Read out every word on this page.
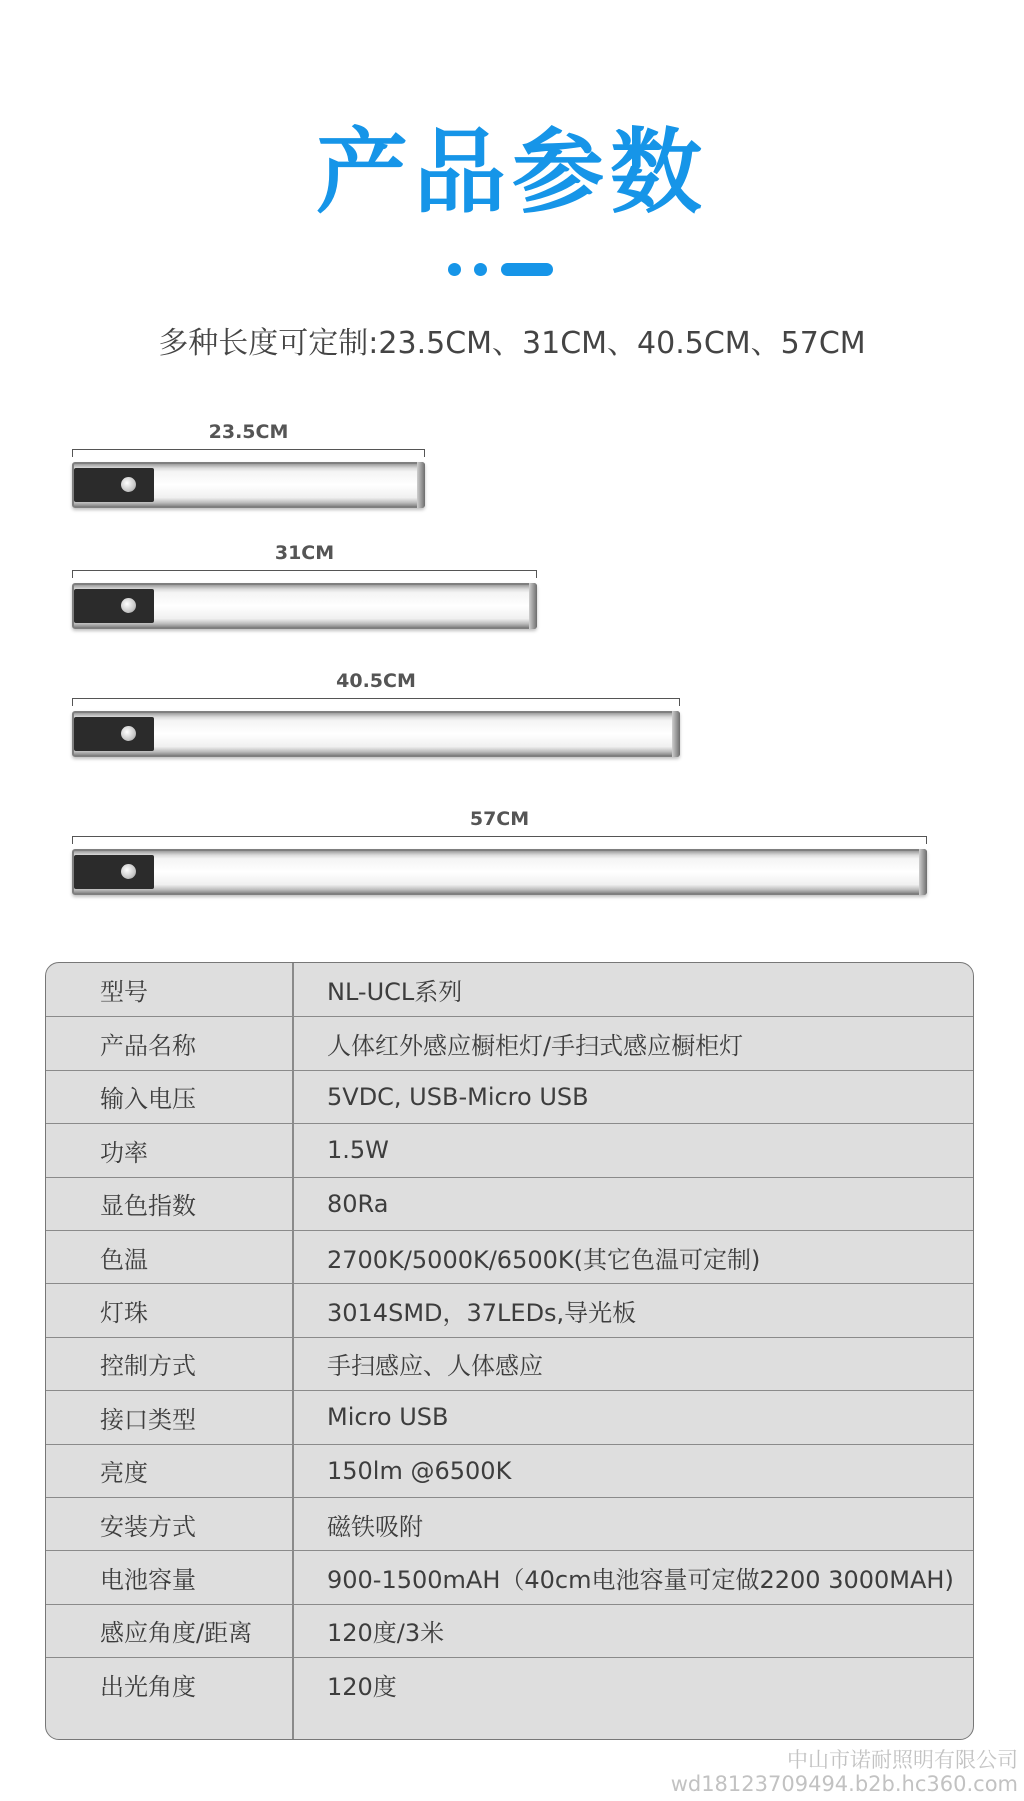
产品参数
多种长度可定制:23.5CM、31CM、40.5CM、57CM
23.5CM
31CM
40.5CM
57CM
型号	NL-UCL系列
产品名称	人体红外感应橱柜灯/手扫式感应橱柜灯
输入电压	5VDC, USB-Micro USB
功率	1.5W
显色指数	80Ra
色温	2700K/5000K/6500K(其它色温可定制)
灯珠	3014SMD，37LEDs,导光板
控制方式	手扫感应、人体感应
接口类型	Micro USB
亮度	150lm @6500K
安装方式	磁铁吸附
电池容量	900-1500mAH（40cm电池容量可定做2200 3000MAH)
感应角度/距离	120度/3米
出光角度	120度
中山市诺耐照明有限公司
wd18123709494.b2b.hc360.com
